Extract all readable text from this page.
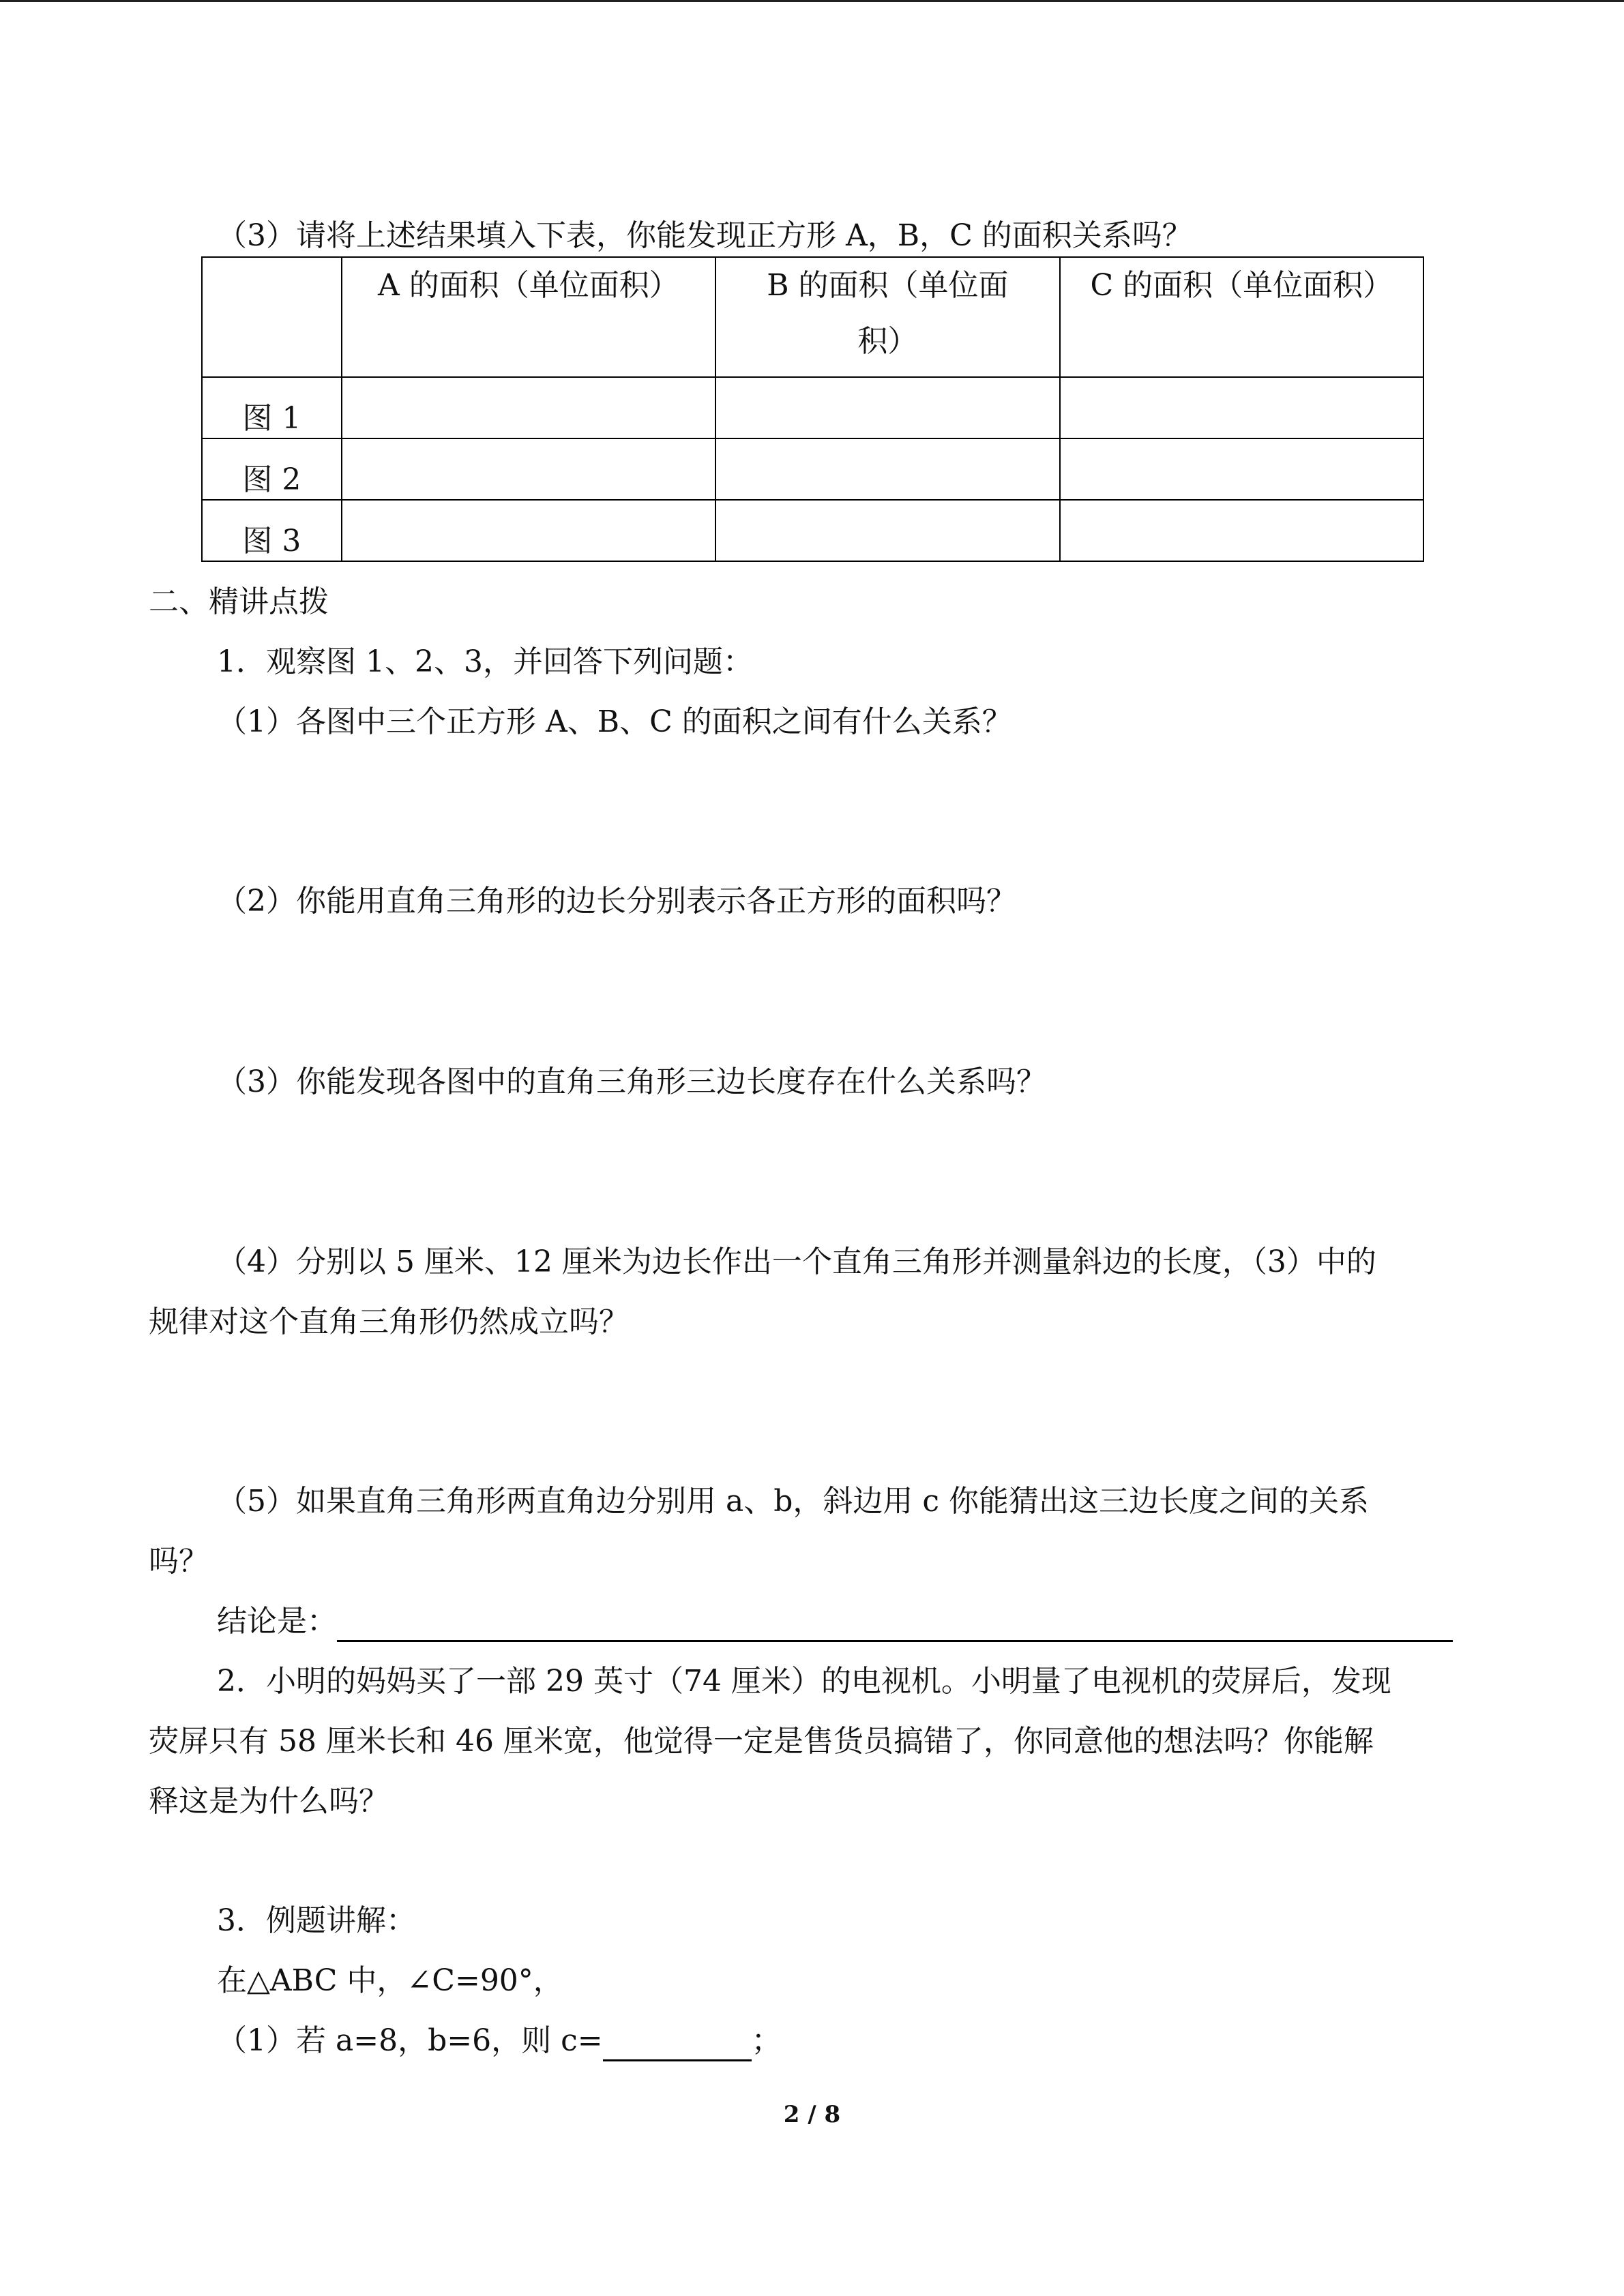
（3）请将上述结果填入下表，你能发现正方形 A，B，C 的面积关系吗？

	A 的面积（单位面积）	B 的面积（单位面积）	C 的面积（单位面积）

图 1			

图 2			

图 3			

二、精讲点拨
1．观察图 1、2、3，并回答下列问题：
（1）各图中三个正方形 A、B、C 的面积之间有什么关系？
（2）你能用直角三角形的边长分别表示各正方形的面积吗？
（3）你能发现各图中的直角三角形三边长度存在什么关系吗？
（4）分别以 5 厘米、12 厘米为边长作出一个直角三角形并测量斜边的长度，（3）中的
规律对这个直角三角形仍然成立吗？
（5）如果直角三角形两直角边分别用 a、b，斜边用 c 你能猜出这三边长度之间的关系
吗？
结论是：
2．小明的妈妈买了一部 29 英寸（74 厘米）的电视机。小明量了电视机的荧屏后，发现
荧屏只有 58 厘米长和 46 厘米宽，他觉得一定是售货员搞错了，你同意他的想法吗？你能解
释这是为什么吗？
3．例题讲解：
在△ABC 中，∠C=90°，
（1）若 a=8，b=6，则 c=	；
2 / 8
